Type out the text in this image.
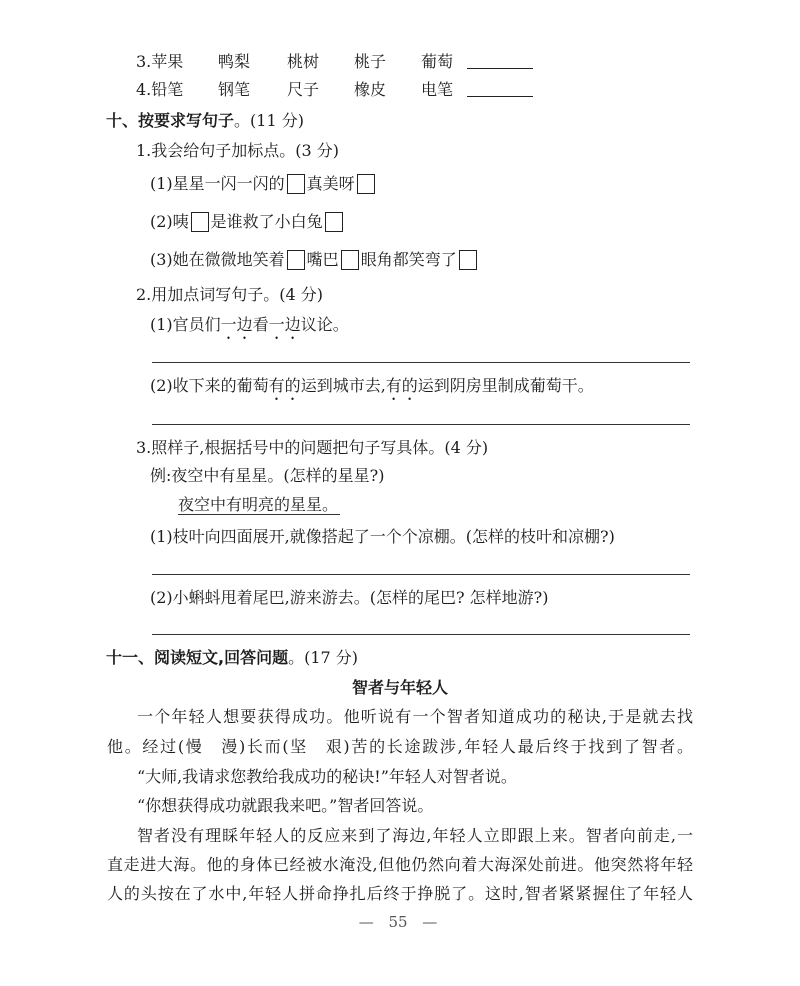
3.苹果 鸭梨 桃树 桃子 葡萄
4.铅笔 钢笔 尺子 橡皮 电笔
十、按要求写句子。(11 分)
1.我会给句子加标点。(3 分)
(1)星星一闪一闪的 真美呀
(2)咦 是谁救了小白兔
(3)她在微微地笑着 嘴巴 眼角都笑弯了
2.用加点词写句子。(4 分)
(1)官员们一边看一边议论。
(2)收下来的葡萄有的运到城市去,有的运到阴房里制成葡萄干。
3.照样子,根据括号中的问题把句子写具体。(4 分)
例:夜空中有星星。(怎样的星星?)
夜空中有明亮的星星。
(1)枝叶向四面展开,就像搭起了一个个凉棚。(怎样的枝叶和凉棚?)
(2)小蝌蚪甩着尾巴,游来游去。(怎样的尾巴? 怎样地游?)
十一、阅读短文,回答问题。(17 分)
智者与年轻人
一个年轻人想要获得成功。他听说有一个智者知道成功的秘诀,于是就去找
他。经过(慢　漫)长而(坚　艰)苦的长途跋涉,年轻人最后终于找到了智者。
“大师,我请求您教给我成功的秘诀!”年轻人对智者说。
“你想获得成功就跟我来吧。”智者回答说。
智者没有理睬年轻人的反应来到了海边,年轻人立即跟上来。智者向前走,一
直走进大海。他的身体已经被水淹没,但他仍然向着大海深处前进。他突然将年轻
人的头按在了水中,年轻人拼命挣扎后终于挣脱了。这时,智者紧紧握住了年轻人
— 55 —
